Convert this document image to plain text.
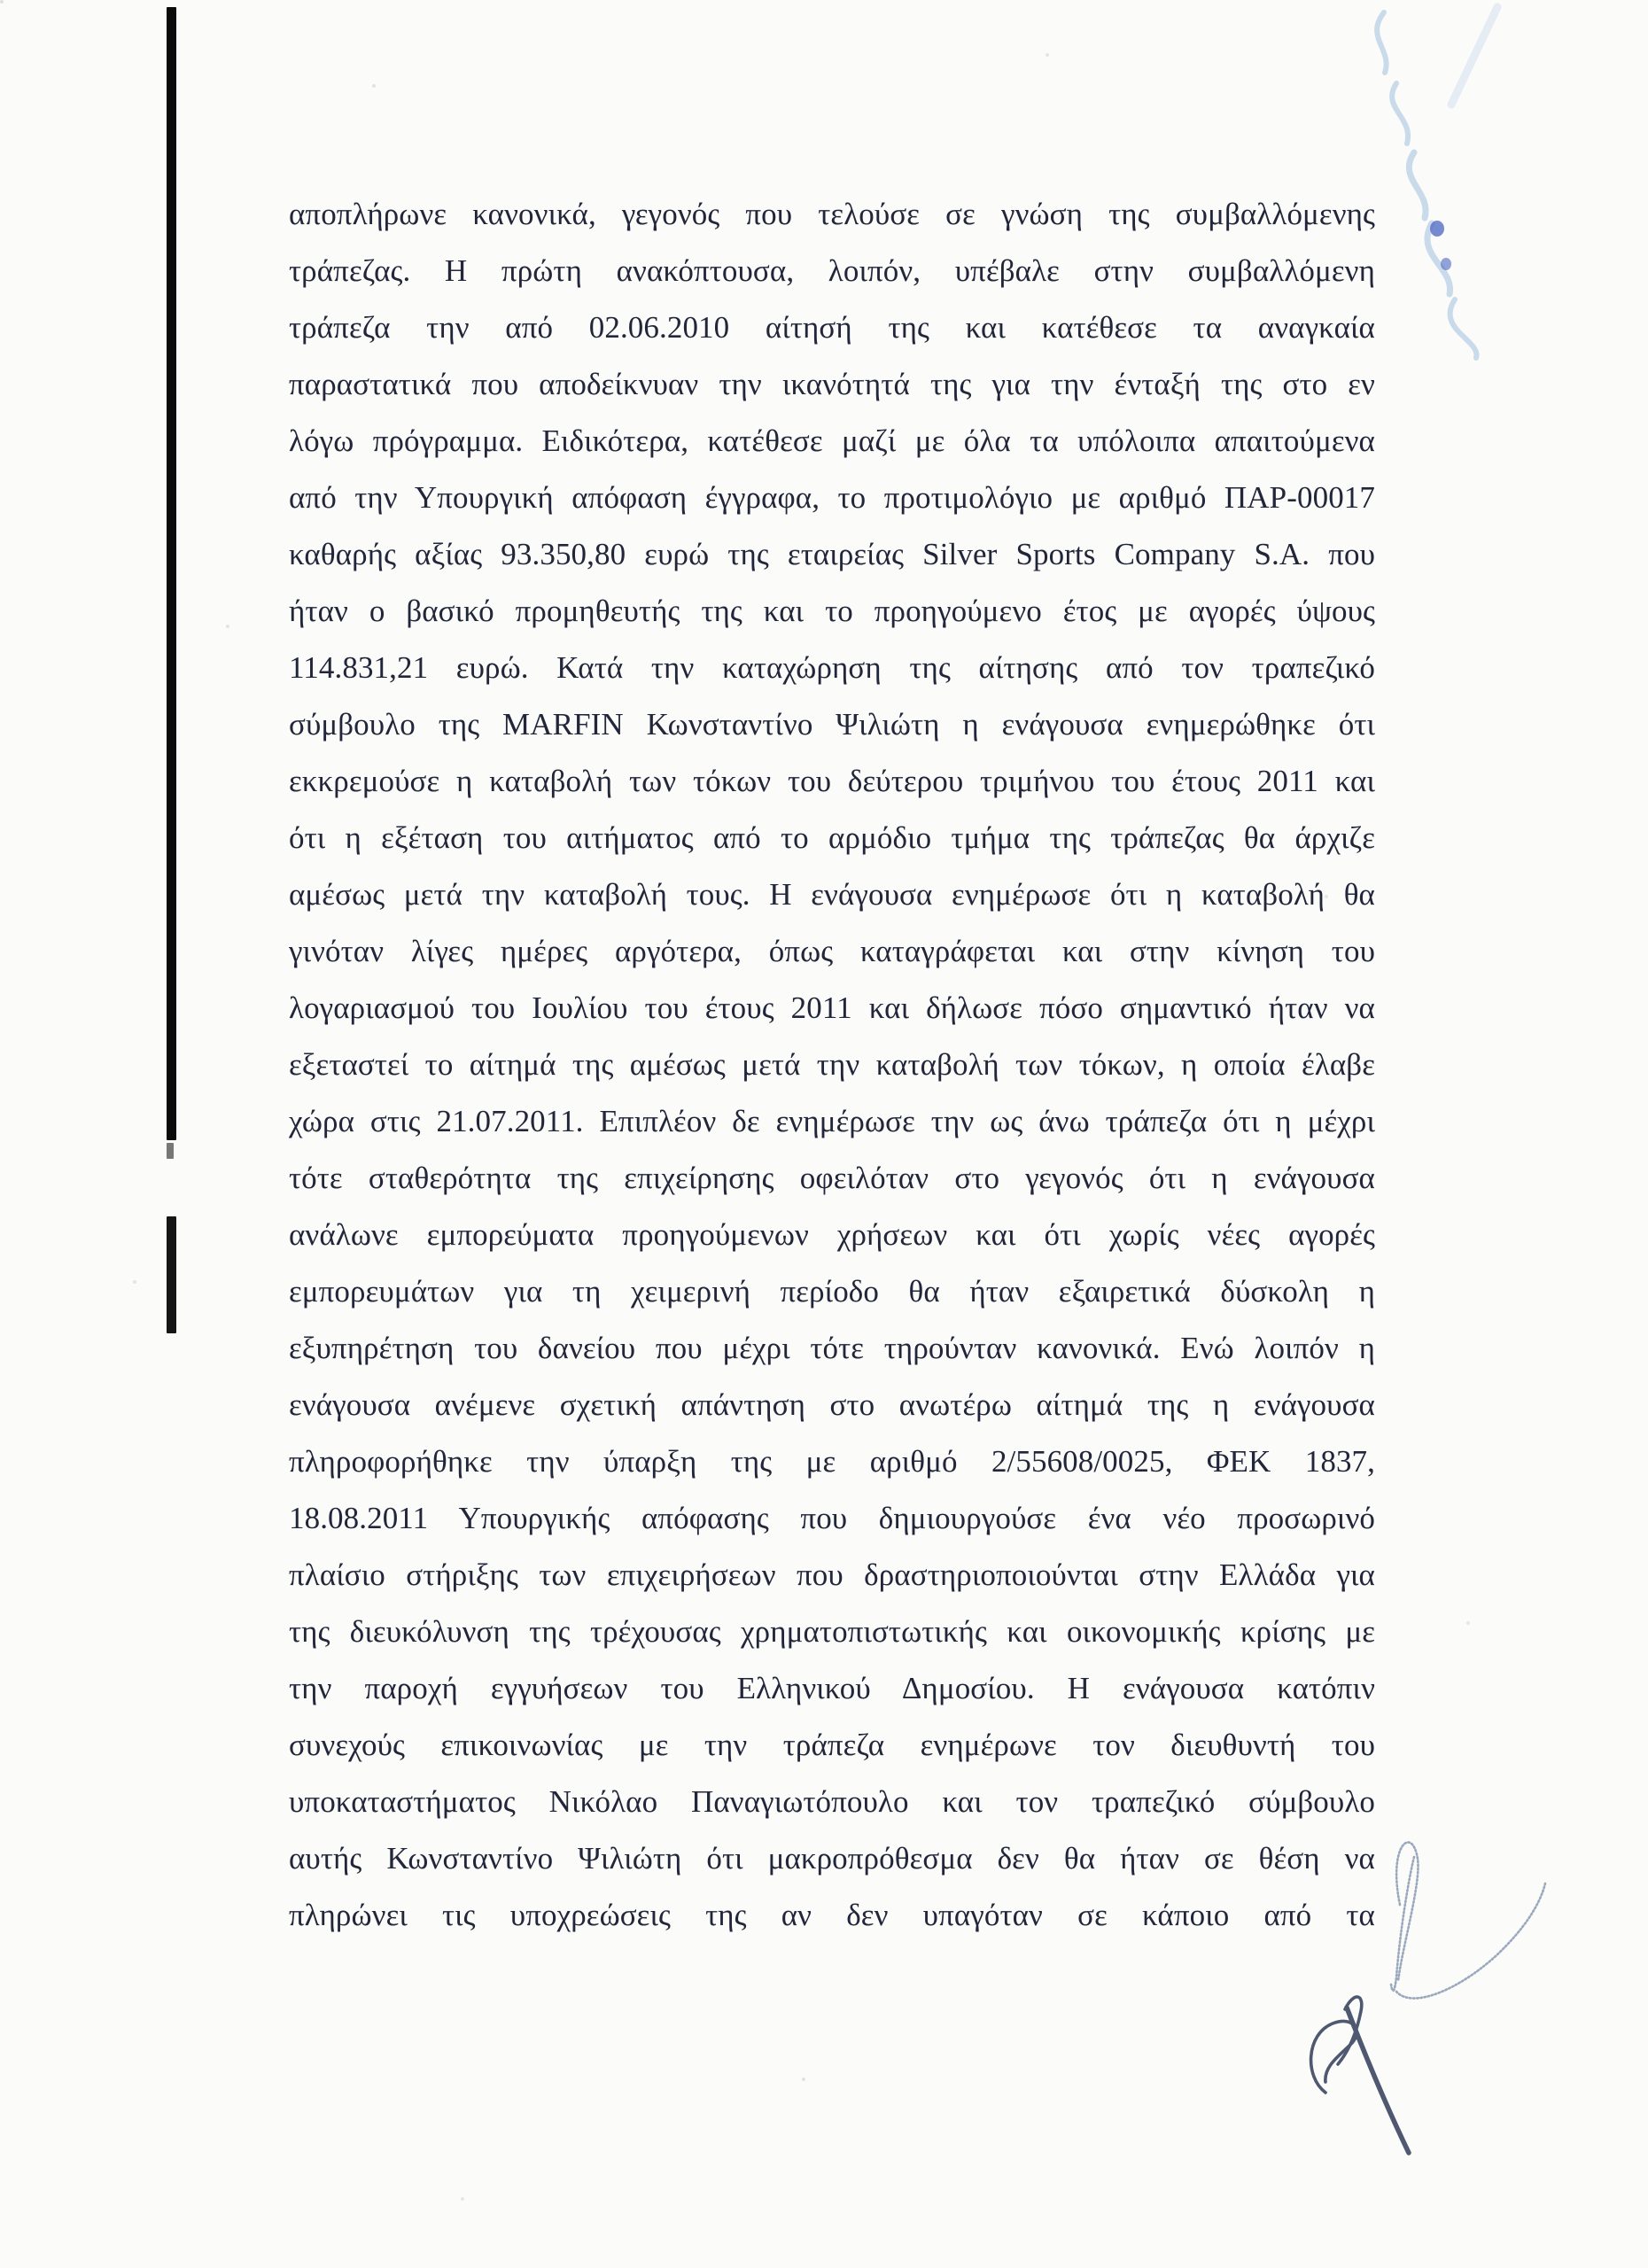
αποπλήρωνε κανονικά, γεγονός που τελούσε σε γνώση της συμβαλλόμενης
τράπεζας. Η πρώτη ανακόπτουσα, λοιπόν, υπέβαλε στην συμβαλλόμενη
τράπεζα την από 02.06.2010 αίτησή της και κατέθεσε τα αναγκαία
παραστατικά που αποδείκνυαν την ικανότητά της για την ένταξή της στο εν
λόγω πρόγραμμα. Ειδικότερα, κατέθεσε μαζί με όλα τα υπόλοιπα απαιτούμενα
από την Υπουργική απόφαση έγγραφα, το προτιμολόγιο με αριθμό ΠΑΡ-00017
καθαρής αξίας 93.350,80 ευρώ της εταιρείας Silver Sports Company S.A. που
ήταν ο βασικό προμηθευτής της και το προηγούμενο έτος με αγορές ύψους
114.831,21 ευρώ. Κατά την καταχώρηση της αίτησης από τον τραπεζικό
σύμβουλο της MARFIN Κωνσταντίνο Ψιλιώτη η ενάγουσα ενημερώθηκε ότι
εκκρεμούσε η καταβολή των τόκων του δεύτερου τριμήνου του έτους 2011 και
ότι η εξέταση του αιτήματος από το αρμόδιο τμήμα της τράπεζας θα άρχιζε
αμέσως μετά την καταβολή τους. Η ενάγουσα ενημέρωσε ότι η καταβολή θα
γινόταν λίγες ημέρες αργότερα, όπως καταγράφεται και στην κίνηση του
λογαριασμού του Ιουλίου του έτους 2011 και δήλωσε πόσο σημαντικό ήταν να
εξεταστεί το αίτημά της αμέσως μετά την καταβολή των τόκων, η οποία έλαβε
χώρα στις 21.07.2011. Επιπλέον δε ενημέρωσε την ως άνω τράπεζα ότι η μέχρι
τότε σταθερότητα της επιχείρησης οφειλόταν στο γεγονός ότι η ενάγουσα
ανάλωνε εμπορεύματα προηγούμενων χρήσεων και ότι χωρίς νέες αγορές
εμπορευμάτων για τη χειμερινή περίοδο θα ήταν εξαιρετικά δύσκολη η
εξυπηρέτηση του δανείου που μέχρι τότε τηρούνταν κανονικά. Ενώ λοιπόν η
ενάγουσα ανέμενε σχετική απάντηση στο ανωτέρω αίτημά της η ενάγουσα
πληροφορήθηκε την ύπαρξη της με αριθμό 2/55608/0025, ΦΕΚ 1837,
18.08.2011 Υπουργικής απόφασης που δημιουργούσε ένα νέο προσωρινό
πλαίσιο στήριξης των επιχειρήσεων που δραστηριοποιούνται στην Ελλάδα για
της διευκόλυνση της τρέχουσας χρηματοπιστωτικής και οικονομικής κρίσης με
την παροχή εγγυήσεων του Ελληνικού Δημοσίου. Η ενάγουσα κατόπιν
συνεχούς επικοινωνίας με την τράπεζα ενημέρωνε τον διευθυντή του
υποκαταστήματος Νικόλαο Παναγιωτόπουλο και τον τραπεζικό σύμβουλο
αυτής Κωνσταντίνο Ψιλιώτη ότι μακροπρόθεσμα δεν θα ήταν σε θέση να
πληρώνει τις υποχρεώσεις της αν δεν υπαγόταν σε κάποιο από τα
